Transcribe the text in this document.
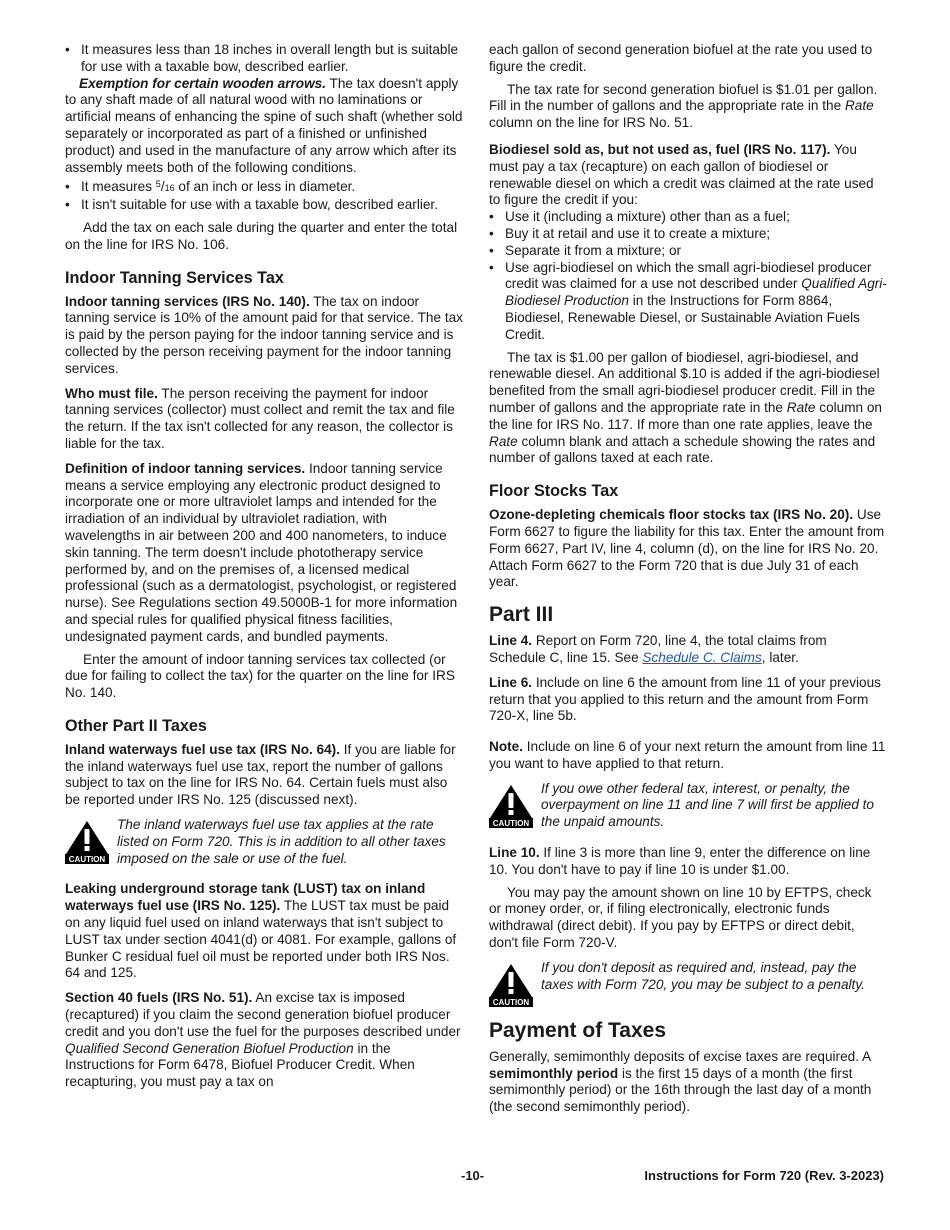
• It measures less than 18 inches in overall length but is suitable for use with a taxable bow, described earlier.

Exemption for certain wooden arrows. The tax doesn't apply to any shaft made of all natural wood with no laminations or artificial means of enhancing the spine of such shaft (whether sold separately or incorporated as part of a finished or unfinished product) and used in the manufacture of any arrow which after its assembly meets both of the following conditions.

• It measures $^5$/16 of an inch or less in diameter.

• It isn't suitable for use with a taxable bow, described earlier.

Add the tax on each sale during the quarter and enter the total on the line for IRS No. 106.

Indoor Tanning Services Tax

Indoor tanning services (IRS No. 140). The tax on indoor tanning service is 10% of the amount paid for that service. The tax is paid by the person paying for the indoor tanning service and is collected by the person receiving payment for the indoor tanning services.

Who must file. The person receiving the payment for indoor tanning services (collector) must collect and remit the tax and file the return. If the tax isn't collected for any reason, the collector is liable for the tax.

Definition of indoor tanning services. Indoor tanning service means a service employing any electronic product designed to incorporate one or more ultraviolet lamps and intended for the irradiation of an individual by ultraviolet radiation, with wavelengths in air between 200 and 400 nanometers, to induce skin tanning. The term doesn't include phototherapy service performed by, and on the premises of, a licensed medical professional (such as a dermatologist, psychologist, or registered nurse). See Regulations section 49.5000B-1 for more information and special rules for qualified physical fitness facilities, undesignated payment cards, and bundled payments.

Enter the amount of indoor tanning services tax collected (or due for failing to collect the tax) for the quarter on the line for IRS No. 140.

Other Part II Taxes

Inland waterways fuel use tax (IRS No. 64). If you are liable for the inland waterways fuel use tax, report the number of gallons subject to tax on the line for IRS No. 64. Certain fuels must also be reported under IRS No. 125 (discussed next).

CAUTION

The inland waterways fuel use tax applies at the rate listed on Form 720. This is in addition to all other taxes imposed on the sale or use of the fuel.

Leaking underground storage tank (LUST) tax on inland waterways fuel use (IRS No. 125). The LUST tax must be paid on any liquid fuel used on inland waterways that isn't subject to LUST tax under section 4041(d) or 4081. For example, gallons of Bunker C residual fuel oil must be reported under both IRS Nos. 64 and 125.

Section 40 fuels (IRS No. 51). An excise tax is imposed (recaptured) if you claim the second generation biofuel producer credit and you don't use the fuel for the purposes described under Qualified Second Generation Biofuel Production in the Instructions for Form 6478, Biofuel Producer Credit. When recapturing, you must pay a tax on

each gallon of second generation biofuel at the rate you used to figure the credit.

The tax rate for second generation biofuel is $1.01 per gallon. Fill in the number of gallons and the appropriate rate in the Rate column on the line for IRS No. 51.

Biodiesel sold as, but not used as, fuel (IRS No. 117). You must pay a tax (recapture) on each gallon of biodiesel or renewable diesel on which a credit was claimed at the rate used to figure the credit if you:

• Use it (including a mixture) other than as a fuel;

• Buy it at retail and use it to create a mixture;

• Separate it from a mixture; or

• Use agri-biodiesel on which the small agri-biodiesel producer credit was claimed for a use not described under Qualified Agri-Biodiesel Production in the Instructions for Form 8864, Biodiesel, Renewable Diesel, or Sustainable Aviation Fuels Credit.

The tax is $1.00 per gallon of biodiesel, agri-biodiesel, and renewable diesel. An additional $.10 is added if the agri-biodiesel benefited from the small agri-biodiesel producer credit. Fill in the number of gallons and the appropriate rate in the Rate column on the line for IRS No. 117. If more than one rate applies, leave the Rate column blank and attach a schedule showing the rates and number of gallons taxed at each rate.

Floor Stocks Tax

Ozone-depleting chemicals floor stocks tax (IRS No. 20). Use Form 6627 to figure the liability for this tax. Enter the amount from Form 6627, Part IV, line 4, column (d), on the line for IRS No. 20. Attach Form 6627 to the Form 720 that is due July 31 of each year.

Part III

Line 4. Report on Form 720, line 4, the total claims from Schedule C, line 15. See Schedule C. Claims, later.

Line 6. Include on line 6 the amount from line 11 of your previous return that you applied to this return and the amount from Form 720-X, line 5b.

Note. Include on line 6 of your next return the amount from line 11 you want to have applied to that return.

CAUTION

If you owe other federal tax, interest, or penalty, the overpayment on line 11 and line 7 will first be applied to the unpaid amounts.

Line 10. If line 3 is more than line 9, enter the difference on line 10. You don't have to pay if line 10 is under $1.00.

You may pay the amount shown on line 10 by EFTPS, check or money order, or, if filing electronically, electronic funds withdrawal (direct debit). If you pay by EFTPS or direct debit, don't file Form 720-V.

CAUTION

If you don't deposit as required and, instead, pay the taxes with Form 720, you may be subject to a penalty.

Payment of Taxes

Generally, semimonthly deposits of excise taxes are required. A semimonthly period is the first 15 days of a month (the first semimonthly period) or the 16th through the last day of a month (the second semimonthly period).

-10-	Instructions for Form 720 (Rev. 3-2023)
